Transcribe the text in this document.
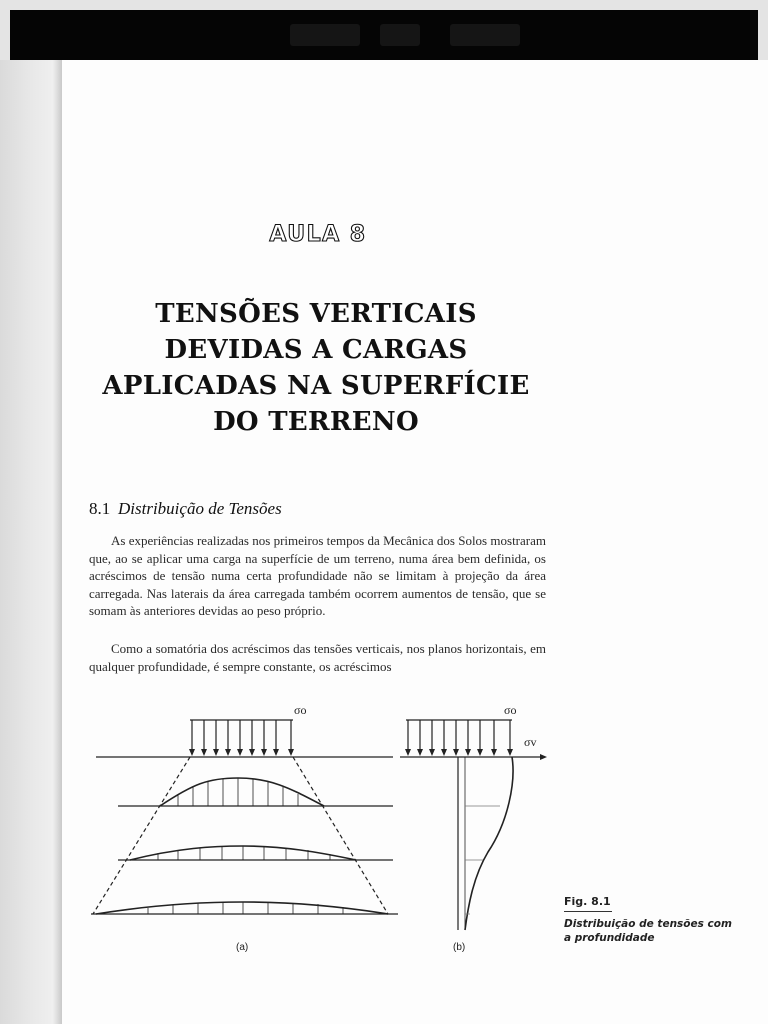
AULA 8
TENSÕES VERTICAIS
DEVIDAS A CARGAS
APLICADAS NA SUPERFÍCIE
DO TERRENO
8.1 Distribuição de Tensões

As experiências realizadas nos primeiros tempos da Mecânica dos Solos mostraram que, ao se aplicar uma carga na superfície de um terreno, numa área bem definida, os acréscimos de tensão numa certa profundidade não se limitam à projeção da área carregada. Nas laterais da área carregada também ocorrem aumentos de tensão, que se somam às anteriores devidas ao peso próprio.

Como a somatória dos acréscimos das tensões verticais, nos planos horizontais, em qualquer profundidade, é sempre constante, os acréscimos

σo	σo
σv
(a)	(b)
Fig. 8.1
Distribuição de tensões com a profundidade
